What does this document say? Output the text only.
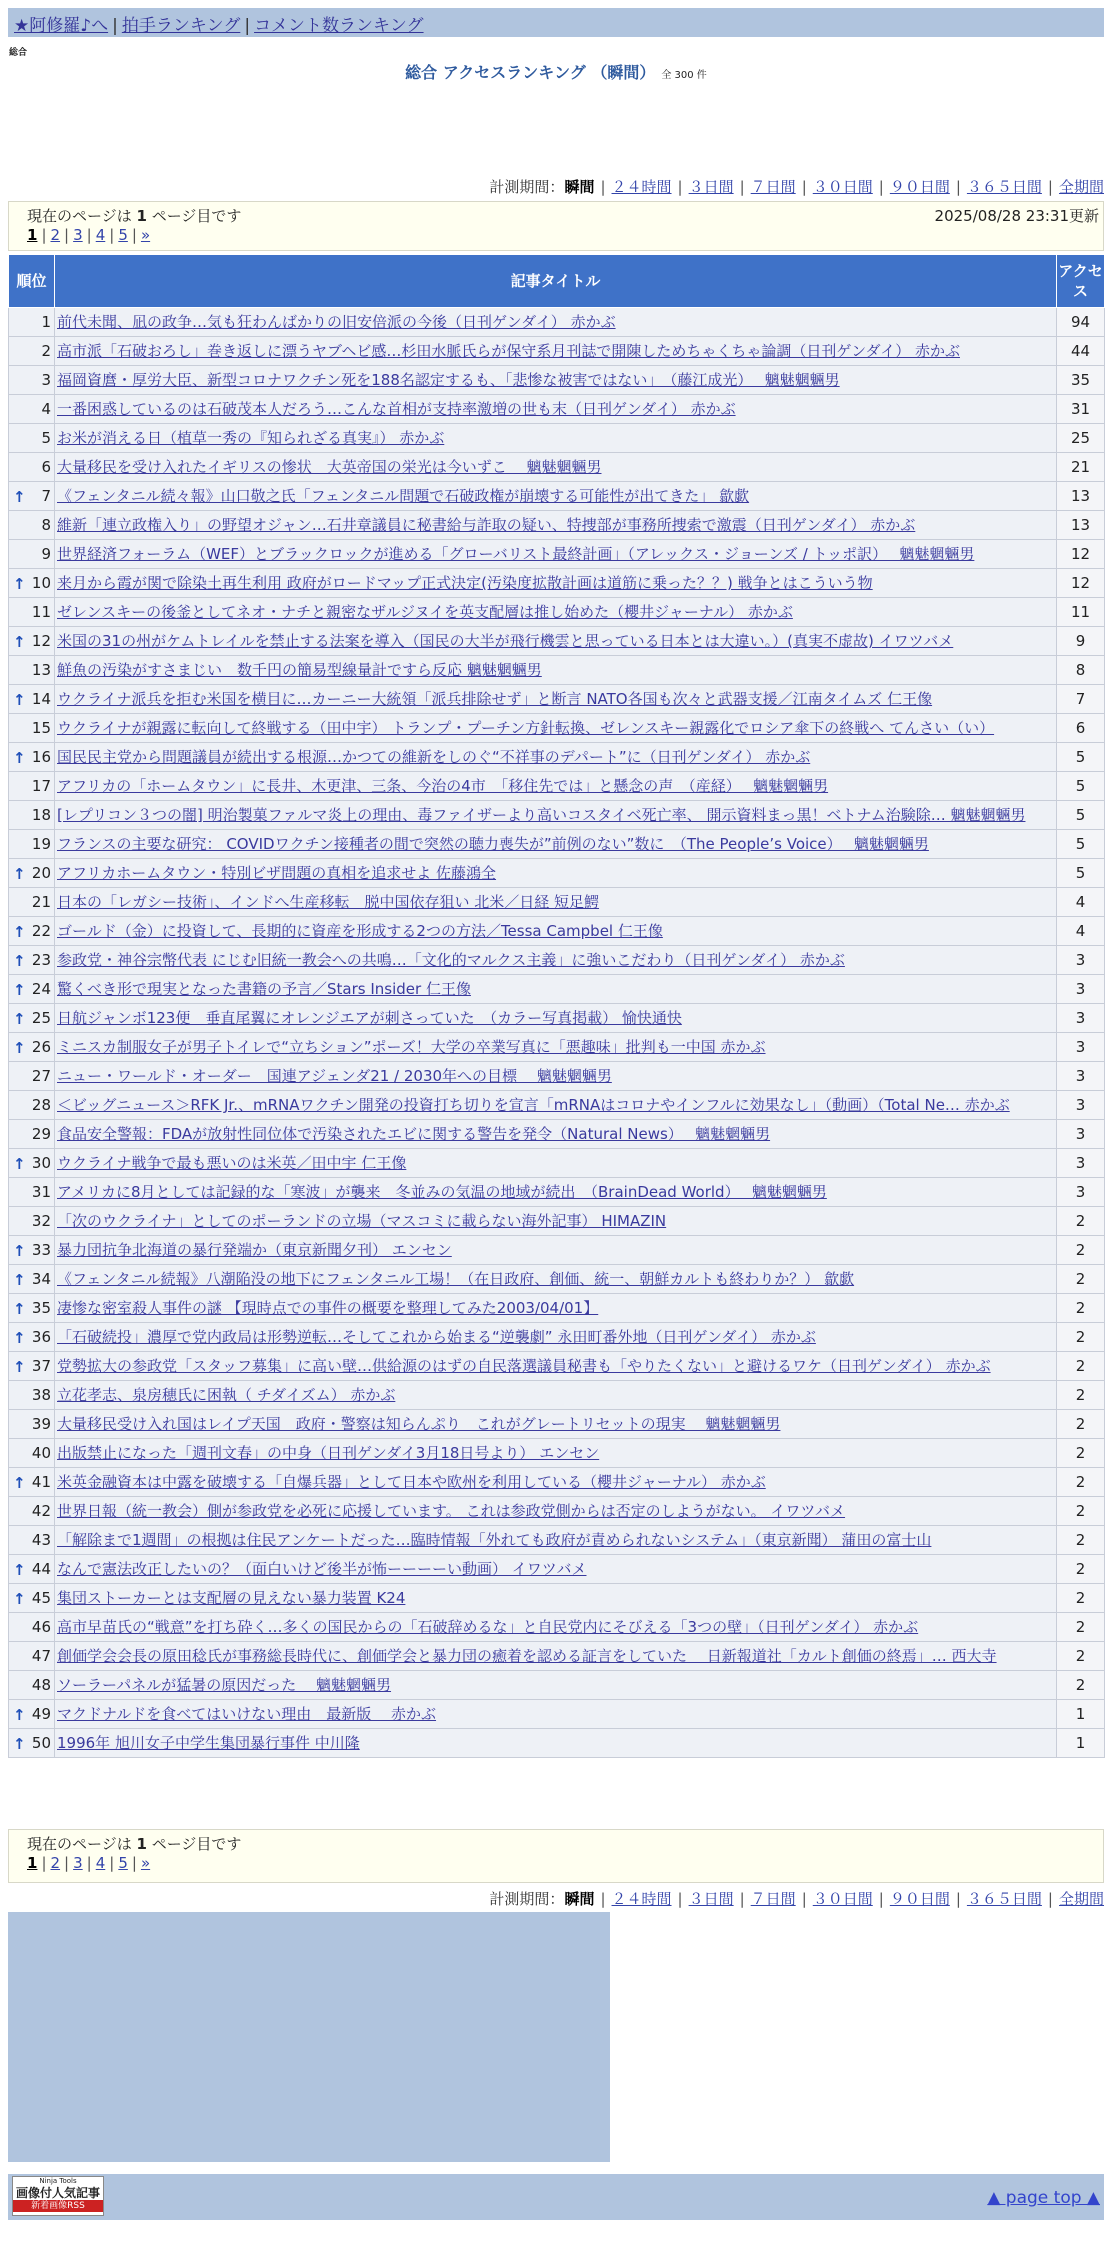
★阿修羅♪へ | 拍手ランキング | コメント数ランキング
総合
総合 アクセスランキング （瞬間） 全 300 件
計測期間：瞬間 | ２４時間 | ３日間 | ７日間 | ３０日間 | ９０日間 | ３６５日間 | 全期間
現在のページは 1 ページ目です	2025/08/28 23:31更新
1 | 2 | 3 | 4 | 5 | »
順位	記事タイトル	アクセス
1	前代未聞、凪の政争…気も狂わんばかりの旧安倍派の今後（日刊ゲンダイ） 赤かぶ	94
2	高市派「石破おろし」巻き返しに漂うヤブヘビ感…杉田水脈氏らが保守系月刊誌で開陳しためちゃくちゃ論調（日刊ゲンダイ） 赤かぶ	44
3	福岡資麿・厚労大臣、新型コロナワクチン死を188名認定するも、「悲惨な被害ではない」　（藤江成光）　 魑魅魍魎男	35
4	一番困惑しているのは石破茂本人だろう…こんな首相が支持率激増の世も末（日刊ゲンダイ） 赤かぶ	31
5	お米が消える日（植草一秀の『知られざる真実』） 赤かぶ	25
6	大量移民を受け入れたイギリスの惨状　大英帝国の栄光は今いずこ　 魑魅魍魎男	21

↑ 7	《フェンタニル続々報》山口敬之氏「フェンタニル問題で石破政権が崩壊する可能性が出てきた」 歙歔	13
8	維新「連立政権入り」の野望オジャン…石井章議員に秘書給与詐取の疑い、特捜部が事務所捜索で激震（日刊ゲンダイ） 赤かぶ	13
9	世界経済フォーラム（WEF）とブラックロックが進める「グローバリスト最終計画」（アレックス・ジョーンズ / トッポ訳）　 魑魅魍魎男	12

↑ 10	来月から霞が関で除染土再生利用 政府がロードマップ正式決定(汚染度拡散計画は道筋に乗った？？) 戦争とはこういう物	12
11	ゼレンスキーの後釜としてネオ・ナチと親密なザルジヌイを英支配層は推し始めた（櫻井ジャーナル） 赤かぶ	11

↑ 12	米国の31の州がケムトレイルを禁止する法案を導入（国民の大半が飛行機雲と思っている日本とは大違い。）(真実不虚故) イワツバメ	9
13	鮮魚の汚染がすさまじい　数千円の簡易型線量計ですら反応 魑魅魍魎男	8

↑ 14	ウクライナ派兵を拒む米国を横目に…カーニー大統領「派兵排除せず」と断言 NATO各国も次々と武器支援／江南タイムズ 仁王像	7
15	ウクライナが親露に転向して終戦する（田中宇） トランプ・プーチン方針転換、ゼレンスキー親露化でロシア傘下の終戦へ てんさい（い）	6

↑ 16	国民民主党から問題議員が続出する根源…かつての維新をしのぐ“不祥事のデパート”に（日刊ゲンダイ） 赤かぶ	5
17	アフリカの「ホームタウン」に長井、木更津、三条、今治の4市　「移住先では」と懸念の声　（産経）　 魑魅魍魎男	5
18	[レプリコン３つの闇] 明治製菓ファルマ炎上の理由、毒ファイザーより高いコスタイベ死亡率、 開示資料まっ黒！ベトナム治験除… 魑魅魍魎男	5
19	フランスの主要な研究： COVIDワクチン接種者の間で突然の聴力喪失が”前例のない”数に　（The People’s Voice）　 魑魅魍魎男	5

↑ 20	アフリカホームタウン・特別ビザ問題の真相を追求せよ 佐藤鴻全	5
21	日本の「レガシー技術」、インドへ生産移転　脱中国依存狙い 北米／日経 短足鰐	4

↑ 22	ゴールド（金）に投資して、長期的に資産を形成する2つの方法／Tessa Campbel 仁王像	4

↑ 23	参政党・神谷宗幣代表 にじむ旧統一教会への共鳴…「文化的マルクス主義」に強いこだわり（日刊ゲンダイ） 赤かぶ	3

↑ 24	驚くべき形で現実となった書籍の予言／Stars Insider 仁王像	3

↑ 25	日航ジャンボ123便　垂直尾翼にオレンジエアが刺さっていた　（カラー写真掲載） 愉快通快	3

↑ 26	ミニスカ制服女子が男子トイレで“立ちション”ポーズ！大学の卒業写真に「悪趣味」批判も一中国 赤かぶ	3
27	ニュー・ワールド・オーダー　国連アジェンダ21 / 2030年への目標　 魑魅魍魎男	3
28	＜ビッグニュース＞RFK Jr.、mRNAワクチン開発の投資打ち切りを宣言「mRNAはコロナやインフルに効果なし」（動画）（Total Ne… 赤かぶ	3
29	食品安全警報：FDAが放射性同位体で汚染されたエビに関する警告を発令（Natural News）　 魑魅魍魎男	3

↑ 30	ウクライナ戦争で最も悪いのは米英／田中宇 仁王像	3
31	アメリカに8月としては記録的な「寒波」が襲来　冬並みの気温の地域が続出　（BrainDead World）　 魑魅魍魎男	3
32	「次のウクライナ」としてのポーランドの立場（マスコミに載らない海外記事） HIMAZIN	2

↑ 33	暴力団抗争北海道の暴行発端か（東京新聞夕刊） エンセン	2

↑ 34	《フェンタニル続報》八潮陥没の地下にフェンタニル工場！（在日政府、創価、統一、朝鮮カルトも終わりか？） 歙歔	2

↑ 35	凄惨な密室殺人事件の謎 【現時点での事件の概要を整理してみた2003/04/01】	2

↑ 36	「石破続投」濃厚で党内政局は形勢逆転…そしてこれから始まる“逆襲劇” 永田町番外地（日刊ゲンダイ） 赤かぶ	2

↑ 37	党勢拡大の参政党「スタッフ募集」に高い壁…供給源のはずの自民落選議員秘書も「やりたくない」と避けるワケ（日刊ゲンダイ） 赤かぶ	2
38	立花孝志、泉房穂氏に困執（ チダイズム） 赤かぶ	2
39	大量移民受け入れ国はレイプ天国　政府・警察は知らんぷり　これがグレートリセットの現実　 魑魅魍魎男	2
40	出版禁止になった「週刊文春」の中身（日刊ゲンダイ3月18日号より） エンセン	2

↑ 41	米英金融資本は中露を破壊する「自爆兵器」として日本や欧州を利用している（櫻井ジャーナル） 赤かぶ	2
42	世界日報（統一教会）側が参政党を必死に応援しています。 これは参政党側からは否定のしようがない。 イワツバメ	2
43	「解除まで1週間」の根拠は住民アンケートだった…臨時情報「外れても政府が責められないシステム」（東京新聞） 蒲田の富士山	2

↑ 44	なんで憲法改正したいの？（面白いけど後半が怖ーーーーい動画） イワツバメ	2

↑ 45	集団ストーカーとは支配層の見えない暴力装置 K24	2
46	高市早苗氏の“戦意”を打ち砕く…多くの国民からの「石破辞めるな」と自民党内にそびえる「3つの壁」（日刊ゲンダイ） 赤かぶ	2
47	創価学会会長の原田稔氏が事務総長時代に、創価学会と暴力団の癒着を認める証言をしていた　 日新報道社「カルト創価の終焉」… 西大寺	2
48	ソーラーパネルが猛暑の原因だった　 魑魅魍魎男	2

↑ 49	マクドナルドを食べてはいけない理由　最新版　 赤かぶ	1

↑ 50	1996年 旭川女子中学生集団暴行事件 中川隆	1
現在のページは 1 ページ目です
1 | 2 | 3 | 4 | 5 | »
計測期間：瞬間 | ２４時間 | ３日間 | ７日間 | ３０日間 | ９０日間 | ３６５日間 | 全期間
Ninja Tools
画像付人気記事
新着画像RSS	▲ page top ▲
